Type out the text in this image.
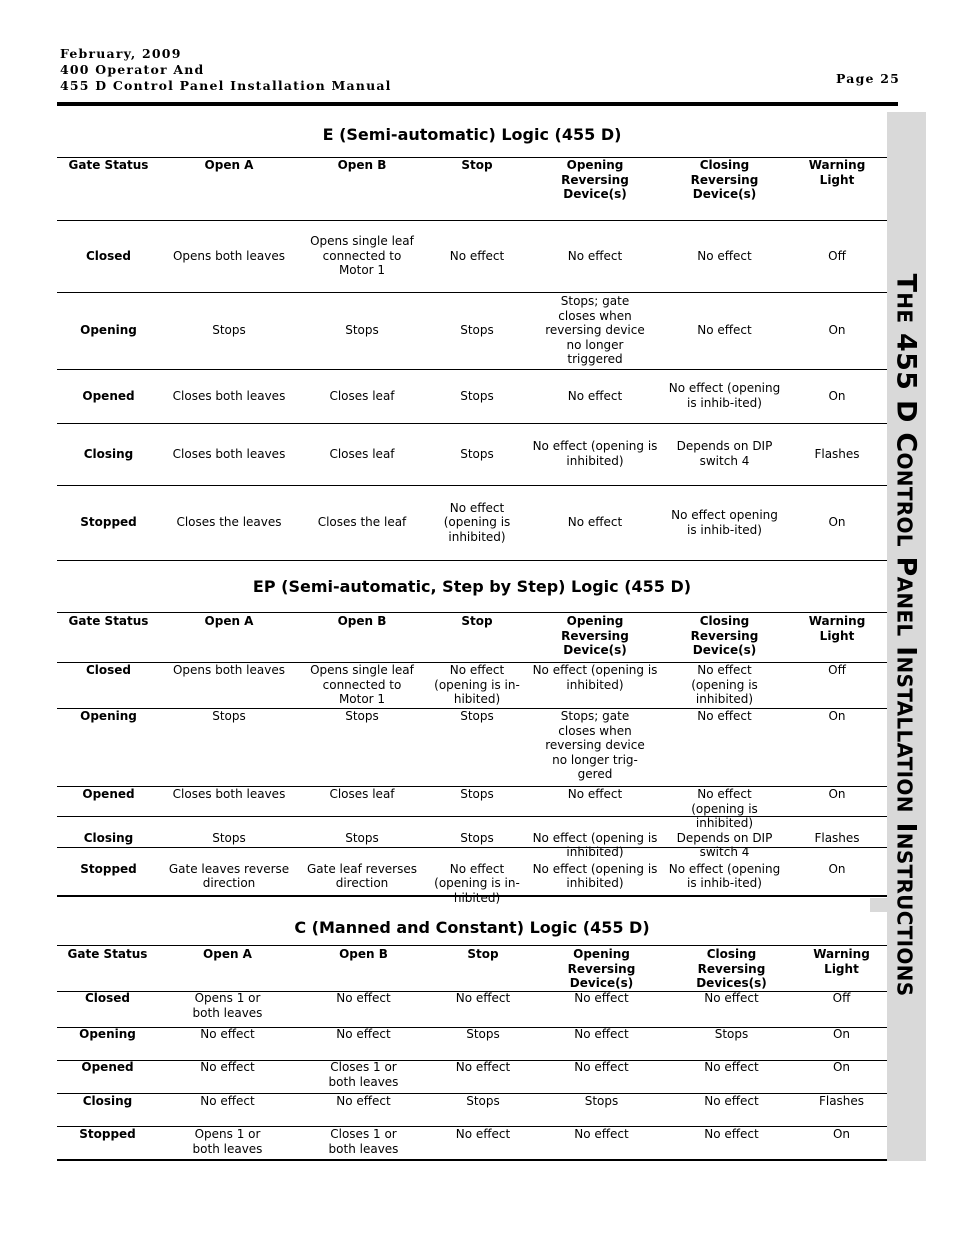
February, 2009
400 Operator And
455 D Control Panel Installation Manual	Page 25
THE 455 D CONTROL PANEL INSTALLATION INSTRUCTIONS
E (Semi-automatic) Logic (455 D)
Gate Status	Open A	Open B	Stop	Opening Reversing Device(s)	Closing Reversing Device(s)	Warning Light
Closed	Opens both leaves	Opens single leaf connected to Motor 1	No effect	No effect	No effect	Off
Opening	Stops	Stops	Stops	Stops; gate closes when reversing device no longer triggered	No effect	On
Opened	Closes both leaves	Closes leaf	Stops	No effect	No effect (opening is inhib-ited)	On
Closing	Closes both leaves	Closes leaf	Stops	No effect (opening is inhibited)	Depends on DIP switch 4	Flashes
Stopped	Closes the leaves	Closes the leaf	No effect (opening is inhibited)	No effect	No effect opening is inhib-ited)	On
EP (Semi-automatic, Step by Step) Logic (455 D)
Gate Status	Open A	Open B	Stop	Opening Reversing Device(s)	Closing Reversing Device(s)	Warning Light
Closed	Opens both leaves	Opens single leaf connected to Motor 1	No effect (opening is in-hibited)	No effect (opening is inhibited)	No effect (opening is inhibited)	Off
Opening	Stops	Stops	Stops	Stops; gate closes when reversing device no longer trig-gered	No effect	On
Opened	Closes both leaves	Closes leaf	Stops	No effect	No effect (opening is inhibited)	On
Closing	Stops	Stops	Stops	No effect (opening is inhibited)	Depends on DIP switch 4	Flashes
Stopped	Gate leaves reverse direction	Gate leaf reverses direction	No effect (opening is in-hibited)	No effect (opening is inhibited)	No effect (opening is inhib-ited)	On
C (Manned and Constant) Logic (455 D)
Gate Status	Open A	Open B	Stop	Opening Reversing Device(s)	Closing Reversing Devices(s)	Warning Light
Closed	Opens 1 or both leaves	No effect	No effect	No effect	No effect	Off
Opening	No effect	No effect	Stops	No effect	Stops	On
Opened	No effect	Closes 1 or both leaves	No effect	No effect	No effect	On
Closing	No effect	No effect	Stops	Stops	No effect	Flashes
Stopped	Opens 1 or both leaves	Closes 1 or both leaves	No effect	No effect	No effect	On
